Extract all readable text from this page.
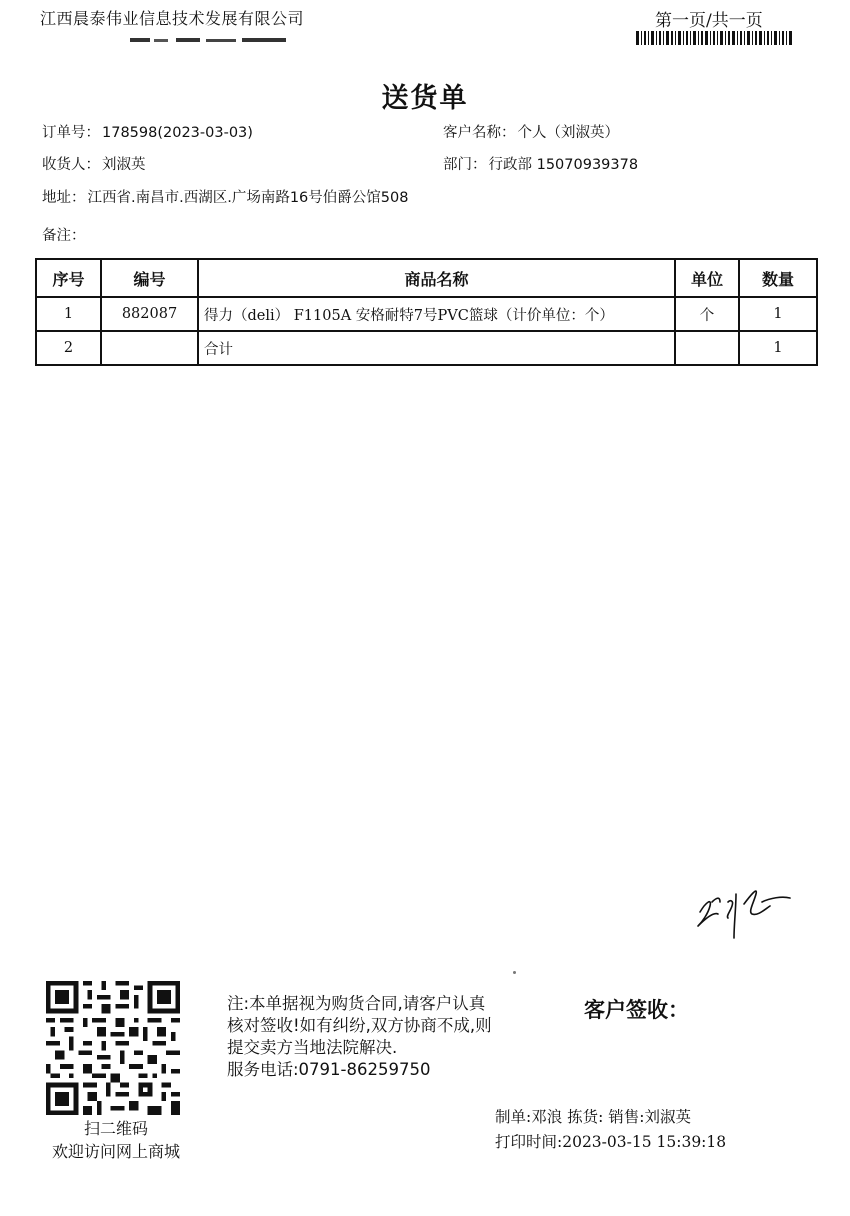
江西晨泰伟业信息技术发展有限公司	第一页/共一页
送货单
订单号： 178598(2023-03-03)	客户名称： 个人（刘淑英）
收货人： 刘淑英	部门： 行政部 15070939378
地址： 江西省.南昌市.西湖区.广场南路16号伯爵公馆508
备注：
序号	编号	商品名称	单位	数量
1	882087	得力（deli） F1105A 安格耐特7号PVC篮球（计价单位：个）	个	1
2		合计		1
扫二维码
欢迎访问网上商城
注:本单据视为购货合同,请客户认真
核对签收!如有纠纷,双方协商不成,则
提交卖方当地法院解决.
服务电话:0791-86259750
客户签收：
制单:邓浪 拣货: 销售:刘淑英
打印时间:2023-03-15 15:39:18
